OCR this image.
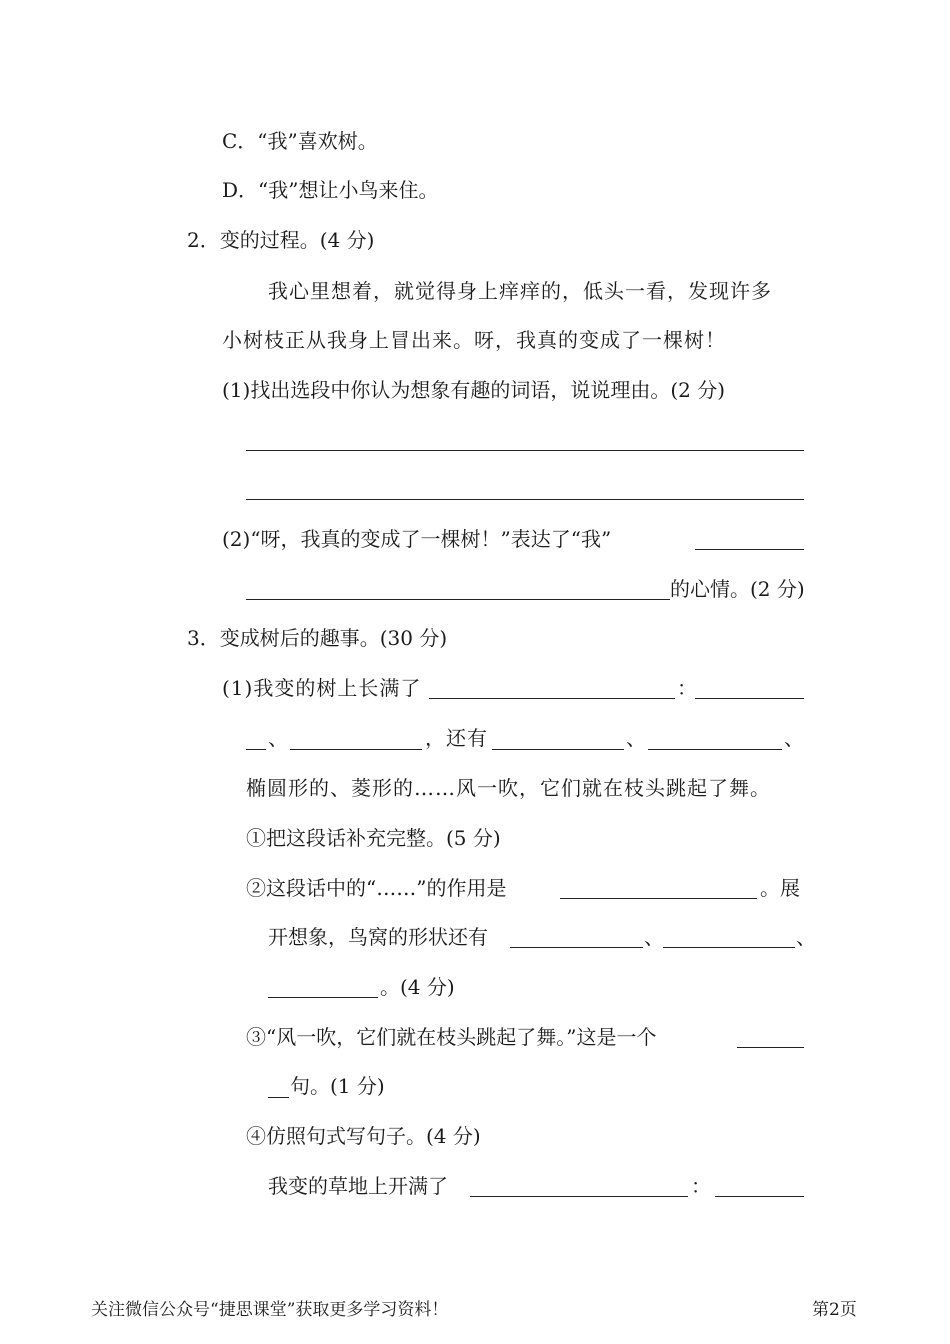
C．“我”喜欢树。
D．“我”想让小鸟来住。
2．变的过程。(4 分)
我心里想着，就觉得身上痒痒的，低头一看，发现许多
小树枝正从我身上冒出来。呀，我真的变成了一棵树！
(1)找出选段中你认为想象有趣的词语，说说理由。(2 分)
(2)“呀，我真的变成了一棵树！”表达了“我”
的心情。(2 分)
3．变成树后的趣事。(30 分)
(1)我变的树上长满了	：
、	，还有	、	、
椭圆形的、菱形的……风一吹，它们就在枝头跳起了舞。
①把这段话补充完整。(5 分)
②这段话中的“……”的作用是	。展
开想象，鸟窝的形状还有	、	、
。(4 分)
③“风一吹，它们就在枝头跳起了舞。”这是一个
句。(1 分)
④仿照句式写句子。(4 分)
我变的草地上开满了	：
关注微信公众号“捷思课堂”获取更多学习资料！	第2页
